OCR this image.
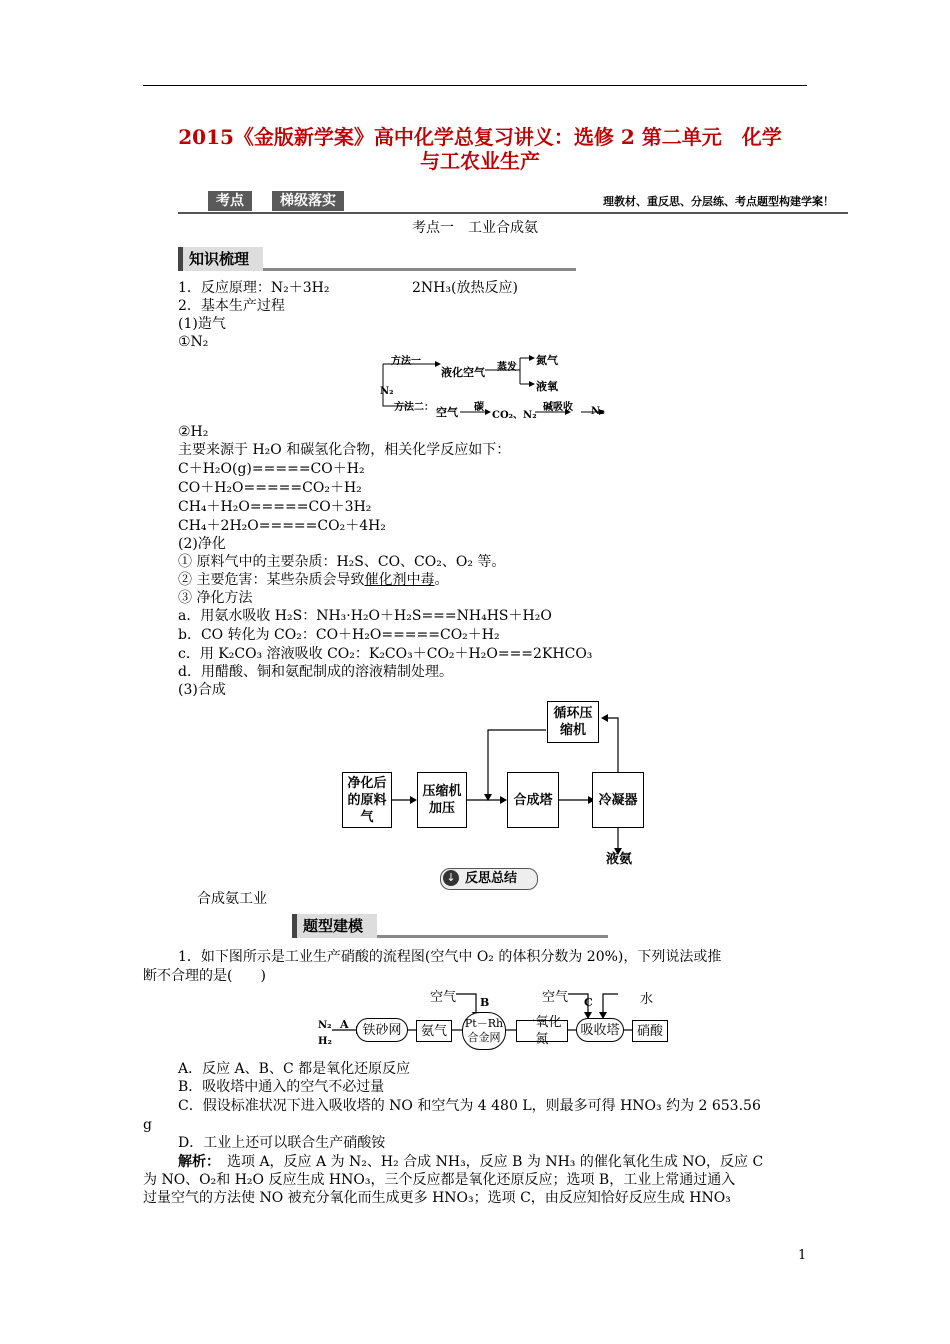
2015《金版新学案》高中化学总复习讲义：选修 2 第二单元　化学
与工农业生产
考点	梯级落实	理教材、重反思、分层练、考点题型构建学案！
考点一　工业合成氨
知识梳理
1．反应原理：N₂＋3H₂	2NH₃(放热反应)
2．基本生产过程
(1)造气
①N₂
方法一
液化空气 蒸发
氮气
液氧
N₂
方法二： 空气 碳
CO₂、N₂
碱吸收 N₂
②H₂
主要来源于 H₂O 和碳氢化合物，相关化学反应如下：
C＋H₂O(g)=====CO＋H₂
CO＋H₂O=====CO₂＋H₂
CH₄＋H₂O=====CO＋3H₂
CH₄＋2H₂O=====CO₂＋4H₂
(2)净化
① 原料气中的主要杂质：H₂S、CO、CO₂、O₂ 等。
② 主要危害：某些杂质会导致催化剂中毒。
③ 净化方法
a．用氨水吸收 H₂S：NH₃·H₂O＋H₂S===NH₄HS＋H₂O
b．CO 转化为 CO₂：CO＋H₂O=====CO₂＋H₂
c．用 K₂CO₃ 溶液吸收 CO₂：K₂CO₃＋CO₂＋H₂O===2KHCO₃
d．用醋酸、铜和氨配制成的溶液精制处理。
(3)合成
净化后的原料气
压缩机加压
合成塔	冷凝器
循环压缩机
液氨
↓ 反思总结
合成氨工业
题型建模
1．如下图所示是工业生产硝酸的流程图(空气中 O₂ 的体积分数为 20%)，下列说法或推
断不合理的是(　　)
N₂ H₂
A
空气 B	空气 C	水
铁砂网	氨气	Pt－Rh合金网
一氧化氮
吸收塔	硝酸
A．反应 A、B、C 都是氧化还原反应
B．吸收塔中通入的空气不必过量
C．假设标准状况下进入吸收塔的 NO 和空气为 4 480 L，则最多可得 HNO₃ 约为 2 653.56
g
D．工业上还可以联合生产硝酸铵
解析：　选项 A，反应 A 为 N₂、H₂ 合成 NH₃，反应 B 为 NH₃ 的催化氧化生成 NO，反应 C
为 NO、O₂和 H₂O 反应生成 HNO₃，三个反应都是氧化还原反应；选项 B，工业上常通过通入
过量空气的方法使 NO 被充分氧化而生成更多 HNO₃；选项 C，由反应知恰好反应生成 HNO₃
1
